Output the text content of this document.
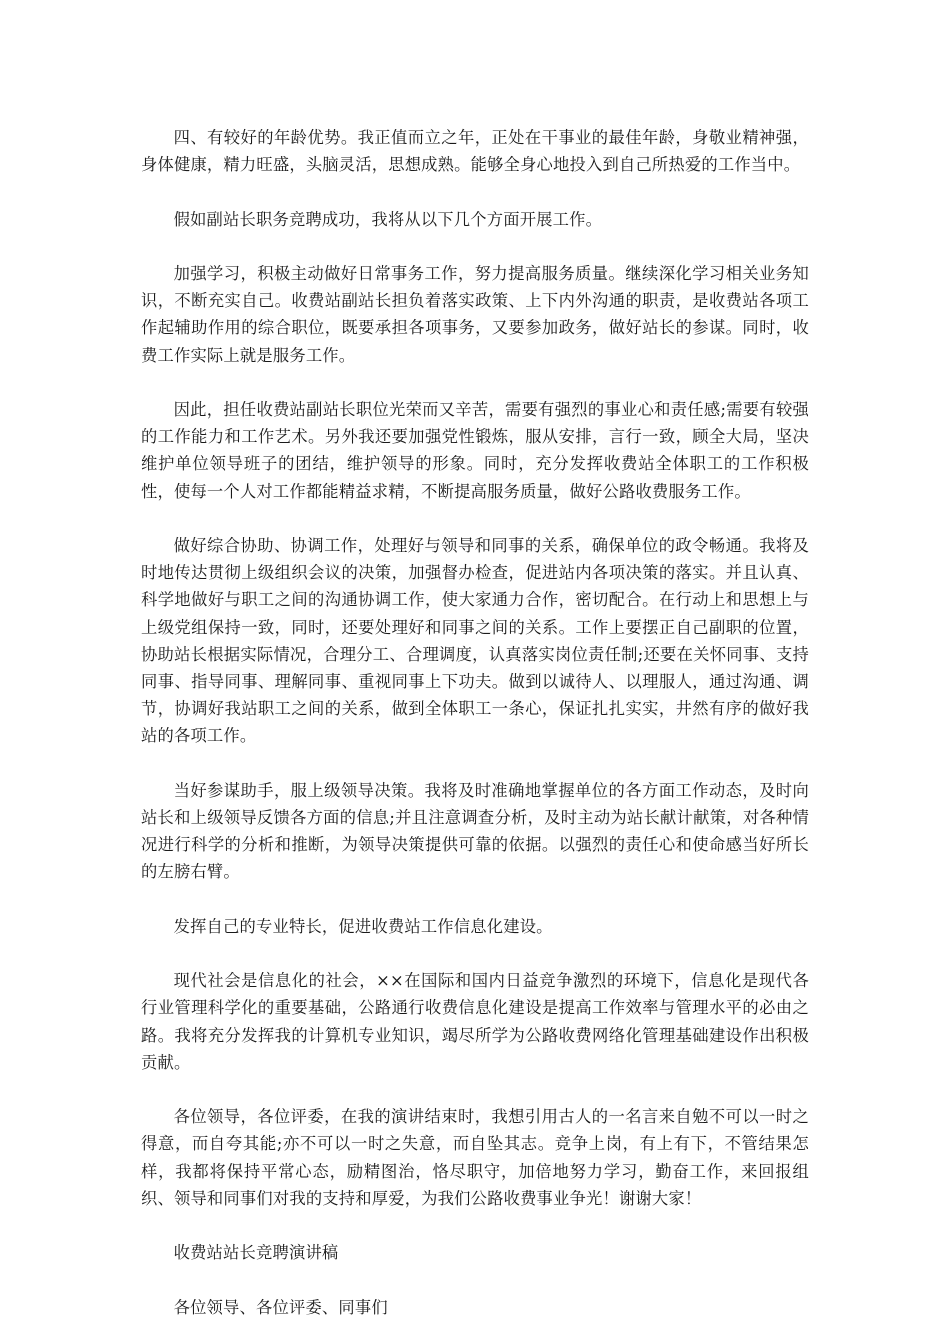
四、有较好的年龄优势。我正值而立之年，正处在干事业的最佳年龄，身敬业精神强，身体健康，精力旺盛，头脑灵活，思想成熟。能够全身心地投入到自己所热爱的工作当中。

假如副站长职务竞聘成功，我将从以下几个方面开展工作。

加强学习，积极主动做好日常事务工作，努力提高服务质量。继续深化学习相关业务知识，不断充实自己。收费站副站长担负着落实政策、上下内外沟通的职责，是收费站各项工作起辅助作用的综合职位，既要承担各项事务，又要参加政务，做好站长的参谋。同时，收费工作实际上就是服务工作。

因此，担任收费站副站长职位光荣而又辛苦，需要有强烈的事业心和责任感;需要有较强的工作能力和工作艺术。另外我还要加强党性锻炼，服从安排，言行一致，顾全大局，坚决维护单位领导班子的团结，维护领导的形象。同时，充分发挥收费站全体职工的工作积极性，使每一个人对工作都能精益求精，不断提高服务质量，做好公路收费服务工作。

做好综合协助、协调工作，处理好与领导和同事的关系，确保单位的政令畅通。我将及时地传达贯彻上级组织会议的决策，加强督办检查，促进站内各项决策的落实。并且认真、科学地做好与职工之间的沟通协调工作，使大家通力合作，密切配合。在行动上和思想上与上级党组保持一致，同时，还要处理好和同事之间的关系。工作上要摆正自己副职的位置，协助站长根据实际情况，合理分工、合理调度，认真落实岗位责任制;还要在关怀同事、支持同事、指导同事、理解同事、重视同事上下功夫。做到以诚待人、以理服人，通过沟通、调节，协调好我站职工之间的关系，做到全体职工一条心，保证扎扎实实，井然有序的做好我站的各项工作。

当好参谋助手，服上级领导决策。我将及时准确地掌握单位的各方面工作动态，及时向站长和上级领导反馈各方面的信息;并且注意调查分析，及时主动为站长献计献策，对各种情况进行科学的分析和推断，为领导决策提供可靠的依据。以强烈的责任心和使命感当好所长的左膀右臂。

发挥自己的专业特长，促进收费站工作信息化建设。

现代社会是信息化的社会，××在国际和国内日益竞争激烈的环境下，信息化是现代各行业管理科学化的重要基础，公路通行收费信息化建设是提高工作效率与管理水平的必由之路。我将充分发挥我的计算机专业知识，竭尽所学为公路收费网络化管理基础建设作出积极贡献。

各位领导，各位评委，在我的演讲结束时，我想引用古人的一名言来自勉不可以一时之得意，而自夸其能;亦不可以一时之失意，而自坠其志。竞争上岗，有上有下，不管结果怎样，我都将保持平常心态，励精图治，恪尽职守，加倍地努力学习，勤奋工作，来回报组织、领导和同事们对我的支持和厚爱，为我们公路收费事业争光！谢谢大家！

收费站站长竞聘演讲稿

各位领导、各位评委、同事们
